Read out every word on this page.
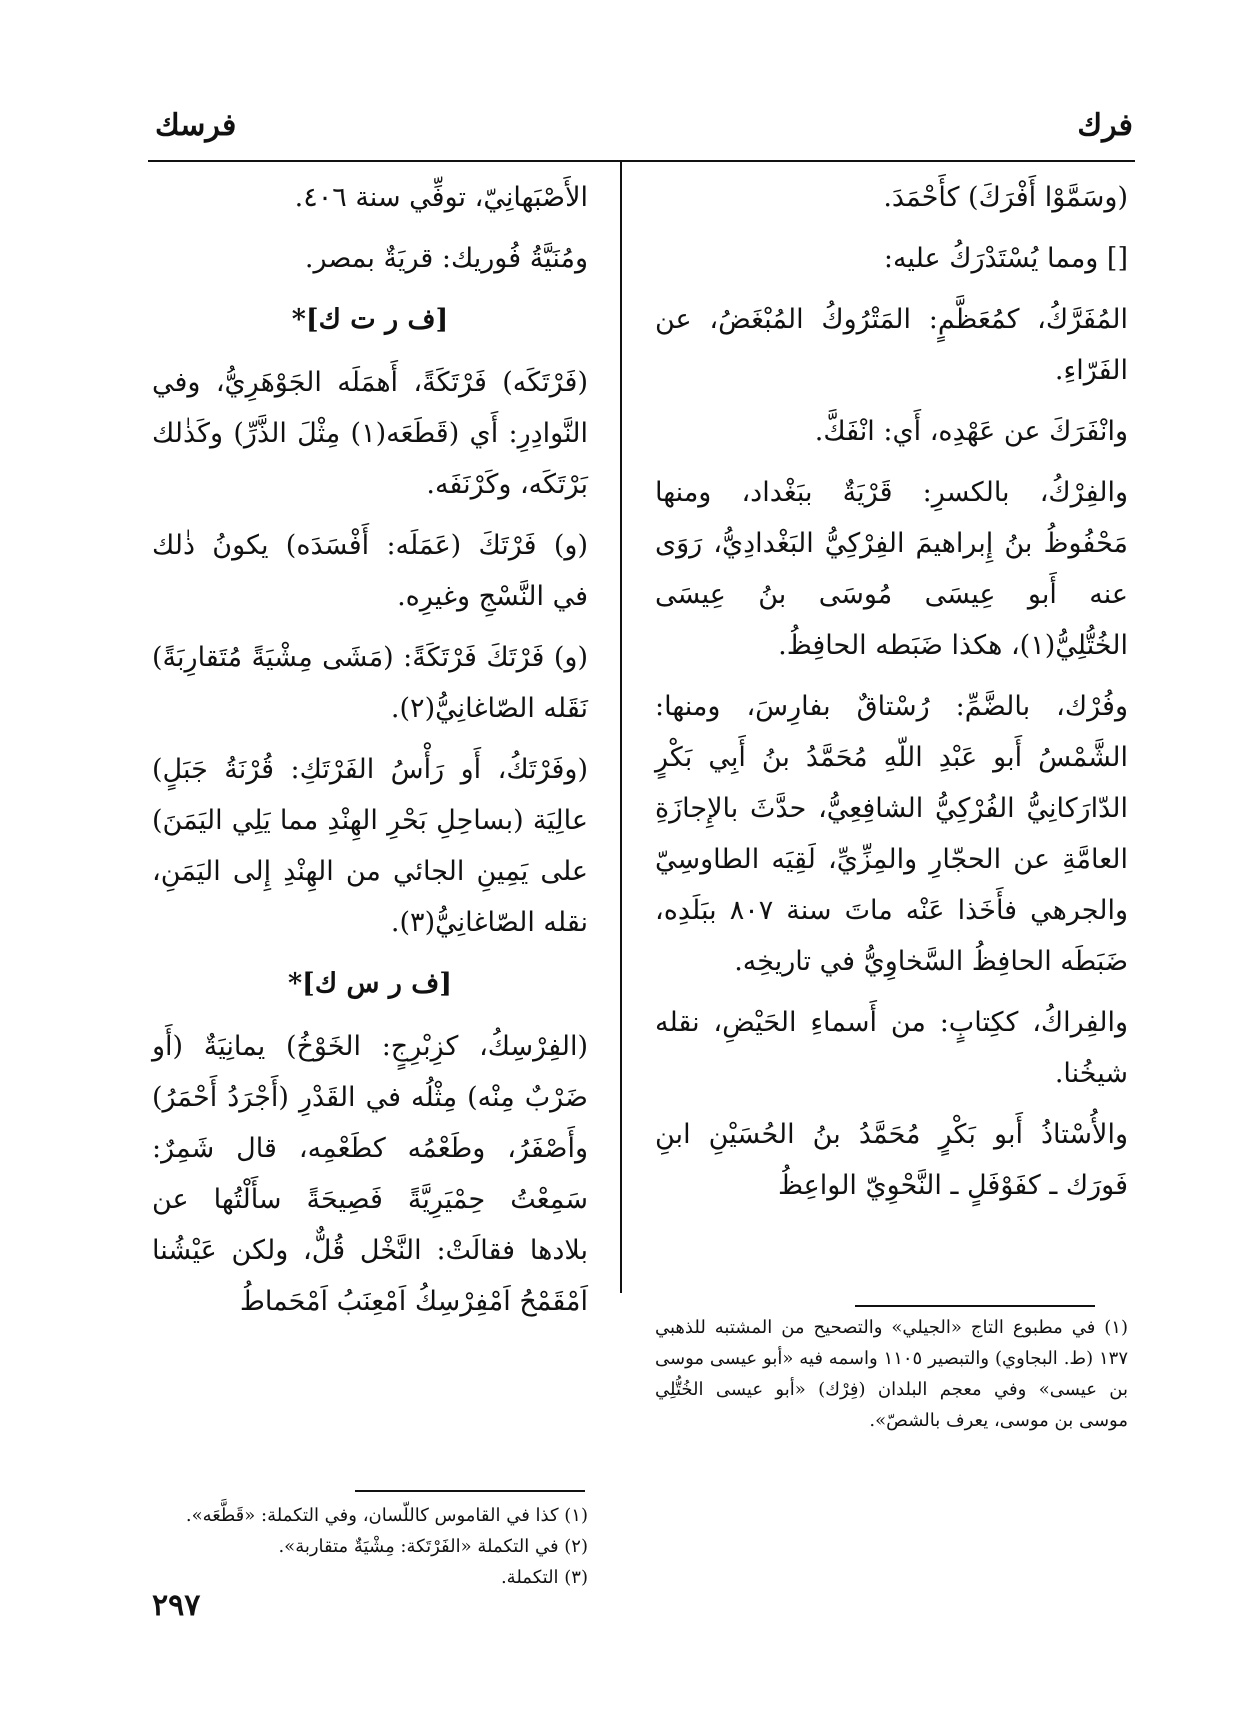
فرك
فرسك

(وسَمَّوْا أَفْرَكَ) كأَحْمَدَ.

[] ومما يُسْتَدْرَكُ عليه:

المُفَرَّكُ، كمُعَظَّمٍ: المَتْرُوكُ المُبْغَضُ، عن الفَرّاءِ.

وانْفَرَكَ عن عَهْدِه، أَي: انْفَكَّ.

والفِرْكُ، بالكسرِ: قَرْيَةٌ ببَغْداد، ومنها مَحْفُوظُ بنُ إِبراهيمَ الفِرْكِيُّ البَغْدادِيُّ، رَوَى عنه أَبو عِيسَى مُوسَى بنُ عِيسَى الخُتُّلِيُّ(١)، هكذا ضَبَطه الحافِظُ.

وفُرْك، بالضَّمِّ: رُسْتاقٌ بفارِسَ، ومنها: الشَّمْسُ أَبو عَبْدِ اللّهِ مُحَمَّدُ بنُ أَبِي بَكْرٍ الدّارَكانِيُّ الفُرْكِيُّ الشافِعِيُّ، حدَّثَ بالإِجازَةِ العامَّةِ عن الحجّارِ والمِزِّيِّ، لَقِيَه الطاوسِيّ والجرهي فأَخَذا عَنْه ماتَ سنة ٨٠٧ ببَلَدِه، ضَبَطَه الحافِظُ السَّخاوِيُّ في تاريخِه.

والفِراكُ، ككِتابٍ: من أَسماءِ الحَيْضِ، نقله شيخُنا.

والأُسْتاذُ أَبو بَكْرٍ مُحَمَّدُ بنُ الحُسَيْنِ ابنِ فَورَك ـ كفَوْفَلٍ ـ النَّحْوِيّ الواعِظُ

الأَصْبَهانِيّ، توفِّي سنة ٤٠٦.

ومُنَيَّةُ فُوريك: قريَةٌ بمصر.

[ف ر ت ك]*

(فَرْتَكَه) فَرْتَكَةً، أَهمَلَه الجَوْهَرِيُّ، وفي النَّوادِرِ: أَي (قَطَعَه(١) مِثْلَ الذَّرِّ) وكَذٰلك بَرْتَكَه، وكَرْنَفَه.

(و) فَرْتَكَ (عَمَلَه: أَفْسَدَه) يكونُ ذٰلك في النَّسْجِ وغيرِه.

(و) فَرْتَكَ فَرْتَكَةً: (مَشَى مِشْيَةً مُتَقارِبَةً) نَقَله الصّاغانِيُّ(٢).

(وفَرْتَكُ، أَو رَأْسُ الفَرْتَكِ: قُرْنَةُ جَبَلٍ) عالِيَة (بساحِلِ بَحْرِ الهِنْدِ مما يَلِي اليَمَنَ) على يَمِينِ الجائي من الهِنْدِ إِلى اليَمَنِ، نقله الصّاغانِيُّ(٣).

[ف ر س ك]*

(الفِرْسِكُ، كزِبْرِجٍ: الخَوْخُ) يمانِيَةٌ (أَو ضَرْبٌ مِنْه) مِثْلُه في القَدْرِ (أَجْرَدُ أَحْمَرُ) وأَصْفَرُ، وطَعْمُه كطَعْمِه، قال شَمِرٌ: سَمِعْتُ حِمْيَرِيَّةً فَصِيحَةً سأَلْتُها عن بلادها فقالَتْ: النَّخْل قُلٌّ، ولكن عَيْشُنا اَمْقَمْحُ اَمْفِرْسِكُ اَمْعِنَبُ اَمْحَماطُ

(١) في مطبوع التاج «الجيلي» والتصحيح من المشتبه للذهبي ١٣٧ (ط. البجاوي) والتبصير ١١٠٥ واسمه فيه «أبو عيسى موسى بن عيسى» وفي معجم البلدان (فِرْك) «أبو عيسى الخُتُّلِي موسى بن موسى، يعرف بالشصّ».

(١) كذا في القاموس كاللّسان، وفي التكملة: «قَطَّعَه».

(٢) في التكملة «الفَرْتَكة: مِشْيَةٌ متقاربة».

(٣) التكملة.

٢٩٧
